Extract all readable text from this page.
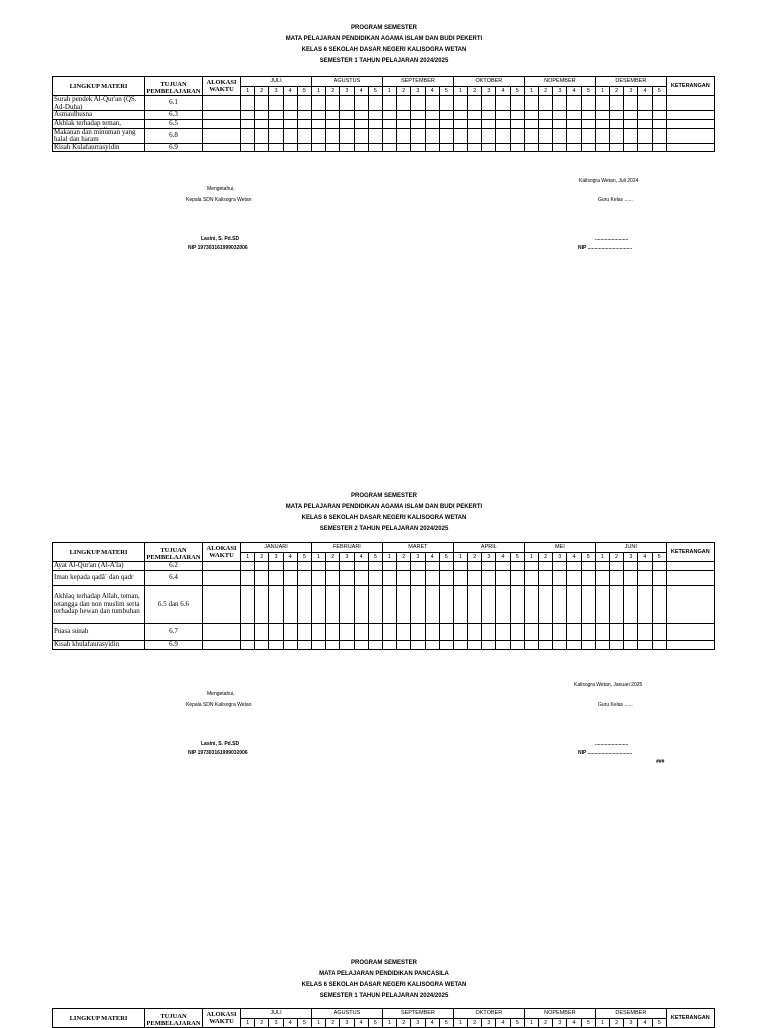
PROGRAM SEMESTER
MATA PELAJARAN PENDIDIKAN AGAMA ISLAM DAN BUDI PEKERTI
KELAS 6 SEKOLAH DASAR NEGERI KALISOGRA WETAN
SEMESTER 1 TAHUN PELAJARAN 2024/2025
LINGKUP MATERI	TUJUAN PEMBELAJARAN	ALOKASI WAKTU	JULI					AGUSTUS					SEPTEMBER					OKTOBER					NOPEMBER					DESEMBER					KETERANGAN
			1	2	3	4	5	1	2	3	4	5	1	2	3	4	5	1	2	3	4	5	1	2	3	4	5	1	2	3	4	5	

Surah pendek Al-Qur'an (QS. Ad-Duha)	6.1																																

Asmaulhusna	6.3																																

Akhlak terhadap teman,	6.5																																

Makanan dan minuman yang halal dan haram	6.8																																

Kisah Kulafaurrasyidin	6.9																																
Kalisogra Wetan, Juli 2024
Mengetahui,
Kepala SDN Kalisogra Wetan	Guru Kelas ......
Lasini, S. Pd.SD	........................
NIP 197303161999032006	NIP ................................
PROGRAM SEMESTER
MATA PELAJARAN PENDIDIKAN AGAMA ISLAM DAN BUDI PEKERTI
KELAS 6 SEKOLAH DASAR NEGERI KALISOGRA WETAN
SEMESTER 2 TAHUN PELAJARAN 2024/2025
LINGKUP MATERI	TUJUAN PEMBELAJARAN	ALOKASI WAKTU	JANUARI					FEBRUARI					MARET					APRIL					MEI					JUNI					KETERANGAN
			1	2	3	4	5	1	2	3	4	5	1	2	3	4	5	1	2	3	4	5	1	2	3	4	5	1	2	3	4	5	

Ayat Al-Qur'an (Al-A'la)	6.2																																

Iman kepada qadā` dan qadr	6.4																																

Akhlaq terhadap Allah, teman, tetangga dan non muslim serta terhadap hewan dan tumbuhan	6.5 dan 6.6																																

Puasa sunah	6.7																																

Kisah khulafaurasyidin	6.9																																
Kalisogra Wetan, Januari 2025
Mengetahui,
Kepala SDN Kalisogra Wetan	Guru Kelas ......
Lasini, S. Pd.SD	........................
NIP 197303161999032006	NIP ................................
###
PROGRAM SEMESTER
MATA PELAJARAN PENDIDIKAN PANCASILA
KELAS 6 SEKOLAH DASAR NEGERI KALISOGRA WETAN
SEMESTER 1 TAHUN PELAJARAN 2024/2025
LINGKUP MATERI	TUJUAN PEMBELAJARAN	ALOKASI WAKTU	JULI					AGUSTUS					SEPTEMBER					OKTOBER					NOPEMBER					DESEMBER					KETERANGAN
			1	2	3	4	5	1	2	3	4	5	1	2	3	4	5	1	2	3	4	5	1	2	3	4	5	1	2	3	4	5	
